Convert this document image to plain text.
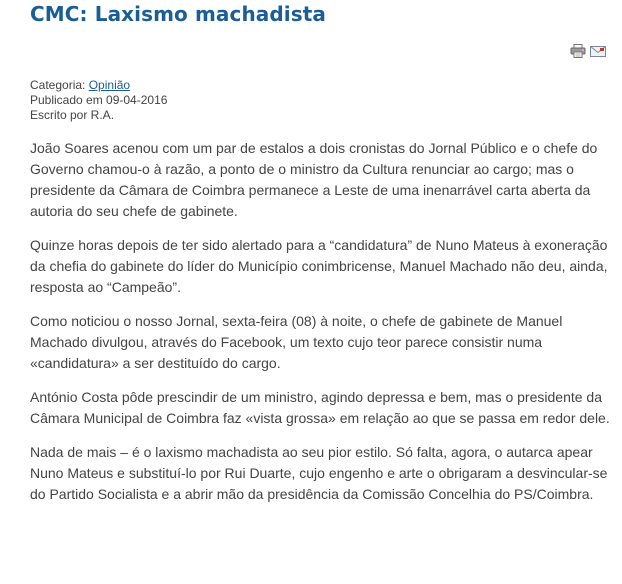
CMC: Laxismo machadista
Categoria: Opinião
Publicado em 09-04-2016
Escrito por R.A.

João Soares acenou com um par de estalos a dois cronistas do Jornal Público e o chefe do Governo chamou-o à razão, a ponto de o ministro da Cultura renunciar ao cargo; mas o presidente da Câmara de Coimbra permanece a Leste de uma inenarrável carta aberta da autoria do seu chefe de gabinete.

Quinze horas depois de ter sido alertado para a “candidatura” de Nuno Mateus à exoneração da chefia do gabinete do líder do Município conimbricense, Manuel Machado não deu, ainda, resposta ao “Campeão”.

Como noticiou o nosso Jornal, sexta-feira (08) à noite, o chefe de gabinete de Manuel Machado divulgou, através do Facebook, um texto cujo teor parece consistir numa «candidatura» a ser destituído do cargo.

António Costa pôde prescindir de um ministro, agindo depressa e bem, mas o presidente da Câmara Municipal de Coimbra faz «vista grossa» em relação ao que se passa em redor dele.

Nada de mais – é o laxismo machadista ao seu pior estilo. Só falta, agora, o autarca apear Nuno Mateus e substituí-lo por Rui Duarte, cujo engenho e arte o obrigaram a desvincular-se do Partido Socialista e a abrir mão da presidência da Comissão Concelhia do PS/Coimbra.
